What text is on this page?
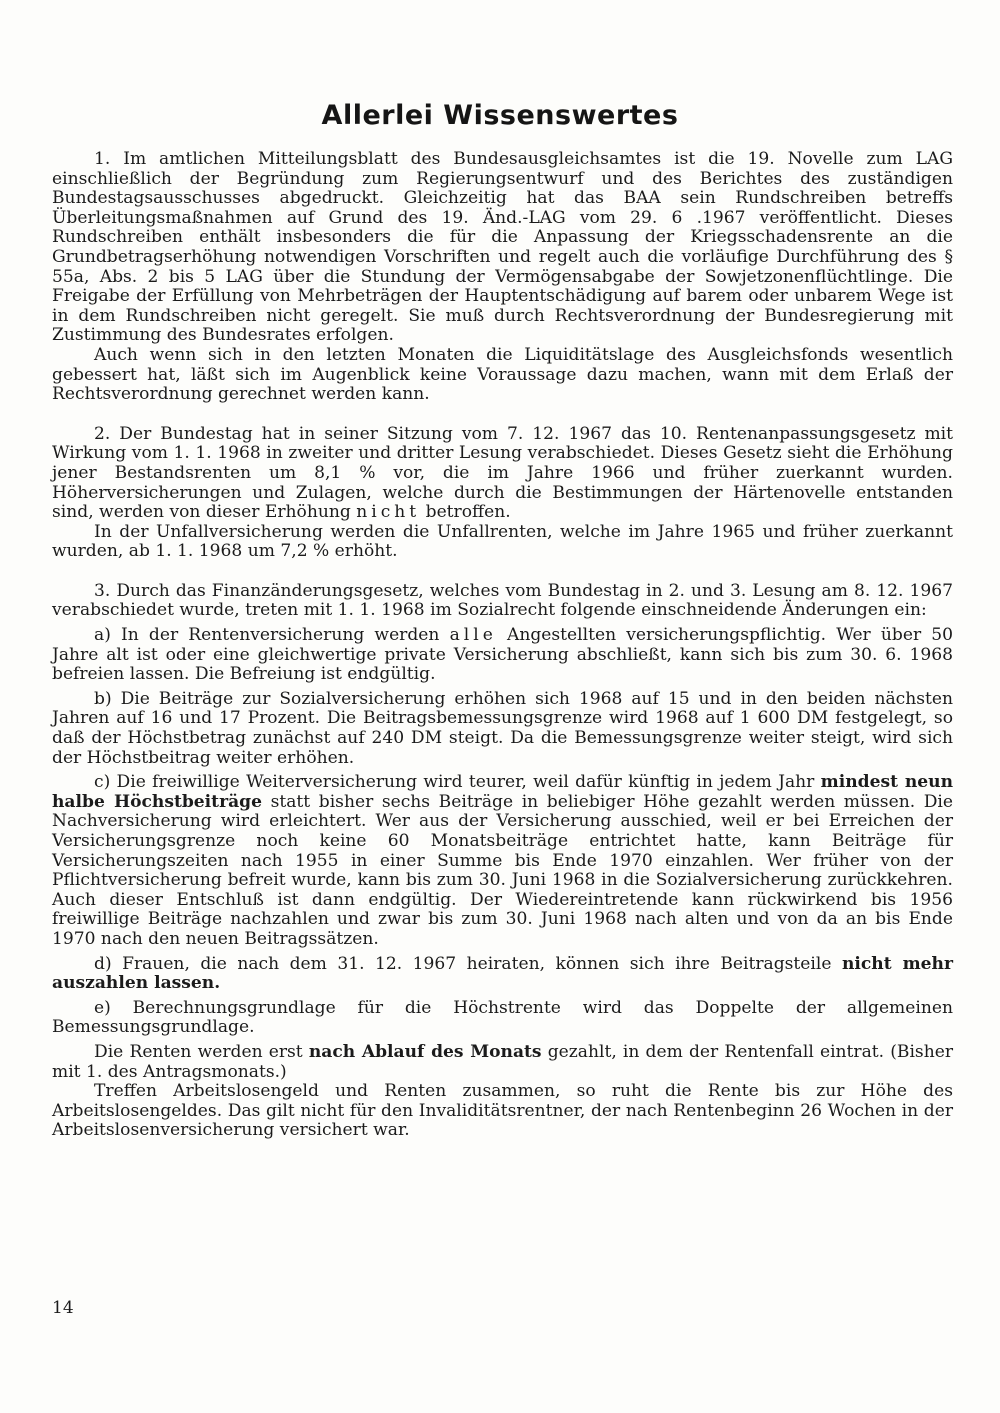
Allerlei Wissenswertes

1. Im amtlichen Mitteilungsblatt des Bundesausgleichsamtes ist die 19. Novelle zum LAG einschließlich der Begründung zum Regierungsentwurf und des Berichtes des zuständigen Bundestagsausschusses abgedruckt. Gleichzeitig hat das BAA sein Rundschreiben betreffs Überleitungsmaßnahmen auf Grund des 19. Änd.-LAG vom 29. 6 .1967 veröffentlicht. Dieses Rundschreiben enthält insbesonders die für die Anpassung der Kriegsschadensrente an die Grundbetragserhöhung notwendigen Vorschriften und regelt auch die vorläufige Durchführung des § 55a, Abs. 2 bis 5 LAG über die Stundung der Vermögensabgabe der Sowjetzonenflüchtlinge. Die Freigabe der Erfüllung von Mehrbeträgen der Hauptentschädigung auf barem oder unbarem Wege ist in dem Rundschreiben nicht geregelt. Sie muß durch Rechtsverordnung der Bundesregierung mit Zustimmung des Bundesrates erfolgen.

Auch wenn sich in den letzten Monaten die Liquiditätslage des Ausgleichsfonds wesentlich gebessert hat, läßt sich im Augenblick keine Voraussage dazu machen, wann mit dem Erlaß der Rechtsverordnung gerechnet werden kann.

2. Der Bundestag hat in seiner Sitzung vom 7. 12. 1967 das 10. Rentenanpassungsgesetz mit Wirkung vom 1. 1. 1968 in zweiter und dritter Lesung verabschiedet. Dieses Gesetz sieht die Erhöhung jener Bestandsrenten um 8,1 % vor, die im Jahre 1966 und früher zuerkannt wurden. Höherversicherungen und Zulagen, welche durch die Bestimmungen der Härtenovelle entstanden sind, werden von dieser Erhöhung nicht betroffen.

In der Unfallversicherung werden die Unfallrenten, welche im Jahre 1965 und früher zuerkannt wurden, ab 1. 1. 1968 um 7,2 % erhöht.

3. Durch das Finanzänderungsgesetz, welches vom Bundestag in 2. und 3. Lesung am 8. 12. 1967 verabschiedet wurde, treten mit 1. 1. 1968 im Sozialrecht folgende einschneidende Änderungen ein:

a) In der Rentenversicherung werden alle Angestellten versicherungspflichtig. Wer über 50 Jahre alt ist oder eine gleichwertige private Versicherung abschließt, kann sich bis zum 30. 6. 1968 befreien lassen. Die Befreiung ist endgültig.

b) Die Beiträge zur Sozialversicherung erhöhen sich 1968 auf 15 und in den beiden nächsten Jahren auf 16 und 17 Prozent. Die Beitragsbemessungsgrenze wird 1968 auf 1 600 DM festgelegt, so daß der Höchstbetrag zunächst auf 240 DM steigt. Da die Bemessungsgrenze weiter steigt, wird sich der Höchstbeitrag weiter erhöhen.

c) Die freiwillige Weiterversicherung wird teurer, weil dafür künftig in jedem Jahr mindest neun halbe Höchstbeiträge statt bisher sechs Beiträge in beliebiger Höhe gezahlt werden müssen. Die Nachversicherung wird erleichtert. Wer aus der Versicherung ausschied, weil er bei Erreichen der Versicherungsgrenze noch keine 60 Monatsbeiträge entrichtet hatte, kann Beiträge für Versicherungszeiten nach 1955 in einer Summe bis Ende 1970 einzahlen. Wer früher von der Pflichtversicherung befreit wurde, kann bis zum 30. Juni 1968 in die Sozialversicherung zurückkehren. Auch dieser Entschluß ist dann endgültig. Der Wiedereintretende kann rückwirkend bis 1956 freiwillige Beiträge nachzahlen und zwar bis zum 30. Juni 1968 nach alten und von da an bis Ende 1970 nach den neuen Beitragssätzen.

d) Frauen, die nach dem 31. 12. 1967 heiraten, können sich ihre Beitragsteile nicht mehr auszahlen lassen.

e) Berechnungsgrundlage für die Höchstrente wird das Doppelte der allgemeinen Bemessungsgrundlage.

Die Renten werden erst nach Ablauf des Monats gezahlt, in dem der Rentenfall eintrat. (Bisher mit 1. des Antragsmonats.)

Treffen Arbeitslosengeld und Renten zusammen, so ruht die Rente bis zur Höhe des Arbeitslosengeldes. Das gilt nicht für den Invaliditätsrentner, der nach Rentenbeginn 26 Wochen in der Arbeitslosenversicherung versichert war.

14
